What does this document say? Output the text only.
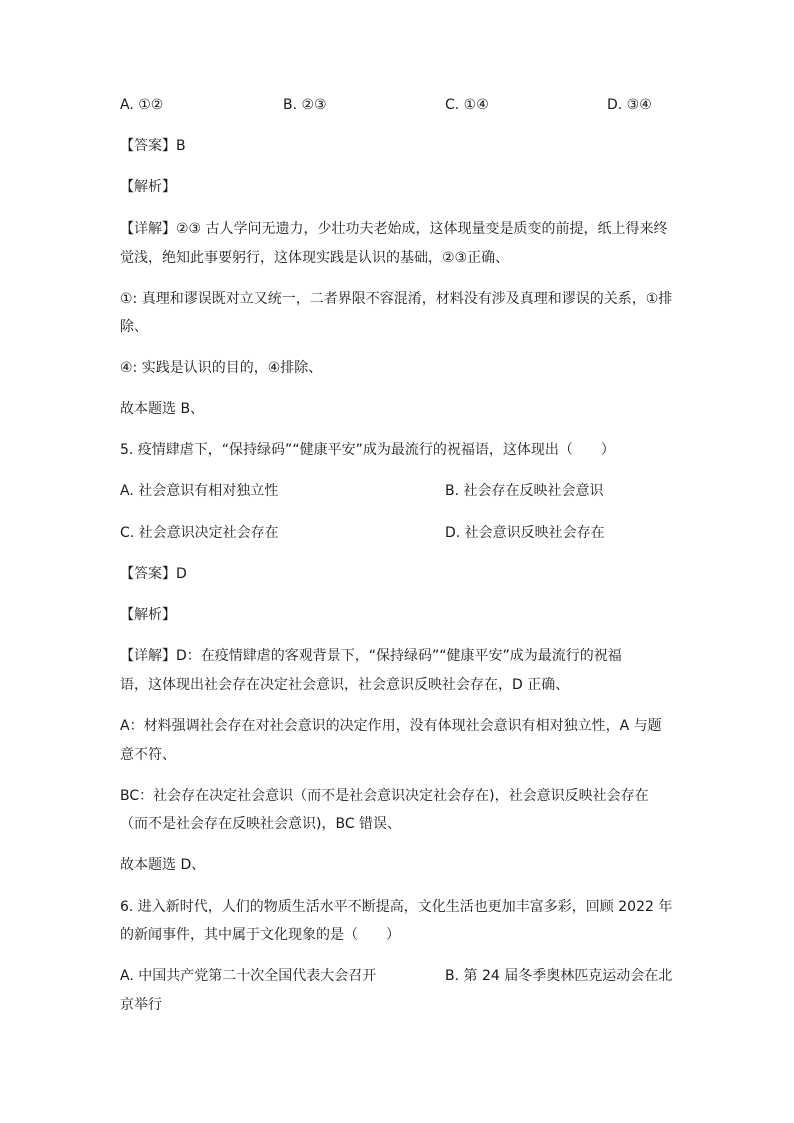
A. ①②	B. ②③	C. ①④	D. ③④
【答案】B
【解析】
【详解】②③ 古人学问无遗力，少壮功夫老始成，这体现量变是质变的前提，纸上得来终
觉浅，绝知此事要躬行，这体现实践是认识的基础，②③正确、
①: 真理和谬误既对立又统一，二者界限不容混淆，材料没有涉及真理和谬误的关系，①排
除、
④: 实践是认识的目的，④排除、
故本题选 B、
5. 疫情肆虐下，“保持绿码”“健康平安”成为最流行的祝福语，这体现出（　　）
A. 社会意识有相对独立性	B. 社会存在反映社会意识
C. 社会意识决定社会存在	D. 社会意识反映社会存在
【答案】D
【解析】
【详解】D：在疫情肆虐的客观背景下，“保持绿码”“健康平安”成为最流行的祝福
语，这体现出社会存在决定社会意识，社会意识反映社会存在，D 正确、
A：材料强调社会存在对社会意识的决定作用，没有体现社会意识有相对独立性，A 与题
意不符、
BC：社会存在决定社会意识（而不是社会意识决定社会存在)，社会意识反映社会存在
（而不是社会存在反映社会意识)，BC 错误、
故本题选 D、
6. 进入新时代，人们的物质生活水平不断提高，文化生活也更加丰富多彩，回顾 2022 年
的新闻事件，其中属于文化现象的是（　　）
A. 中国共产党第二十次全国代表大会召开	B. 第 24 届冬季奥林匹克运动会在北
京举行
